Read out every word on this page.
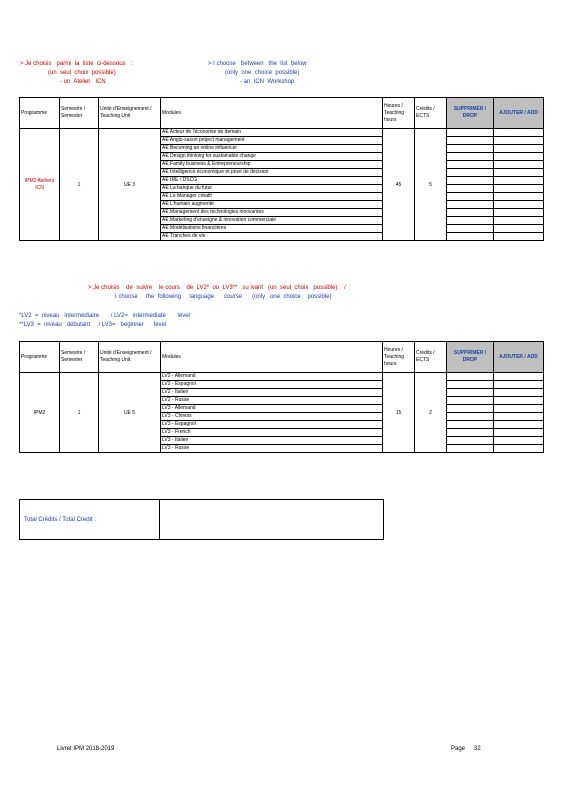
> Je choisis   parmi  la  liste  ci-dessous   :
(un  seul  choix  possible)
- un  Atelier   ICN
> I choose   between   the  list  below
(only  one  choice  possible)
- an  ICN  Workshop
Programme	Semestre / Semester	Unité d'Enseignement / Teaching Unit	Modules	Heures / Teaching hours	Crédits / ECTS	SUPPRIMER / DROP	AJOUTER / ADD
IPM2 Ateliers ICN	1	UE 3	AE Acteur de l'économie de demain	45	5		
			AE Anglo-saxon project management				
			AE Becoming an online influencer				
			AE Design thinking for sustainable change				
			AE Family business & Entrepreneurship				
			AE Intelligence économique et prise de décision				
			AE IRE / DSCG				
			AE La banque du futur				
			AE Le Manager créatif				
			AE L'humain augmenté				
			AE Management des technologies innovantes				
			AE Marketing d'enseigne & innovation commerciale				
			AE Modélisations financières				
			AE Tranches de vie				
> Je choisis    de  suivre    le cours    de  LV2*  ou  LV3**   su ivant   (un  seul  choix   possible)    /
I choose     the  following     language      course      (only   one  choice    possible)
*LV2  =  niveau   intermédiaire       / LV2=   intermediate       level
**LV3  =  niveau   débutant     / LV3=   beginner      level
Programme	Semestre / Semester	Unité d'Enseignement / Teaching Unit	Modules	Heures / Teaching hours	Crédits / ECTS	SUPPRIMER / DROP	AJOUTER / ADD
IPM2	1	UE 5	LV2 - Allemand	15	2		
			LV2 - Espagnol				
			LV2 - Italien				
			LV2 - Russe				
			LV3 - Allemand				
			LV3 - Chinois				
			LV3 - Espagnol				
			LV3 - French				
			LV3 - Italien				
			LV3 - Russe				
Total Crédits / Total Credit :
Livret IPM 2018-2019	Page 32
